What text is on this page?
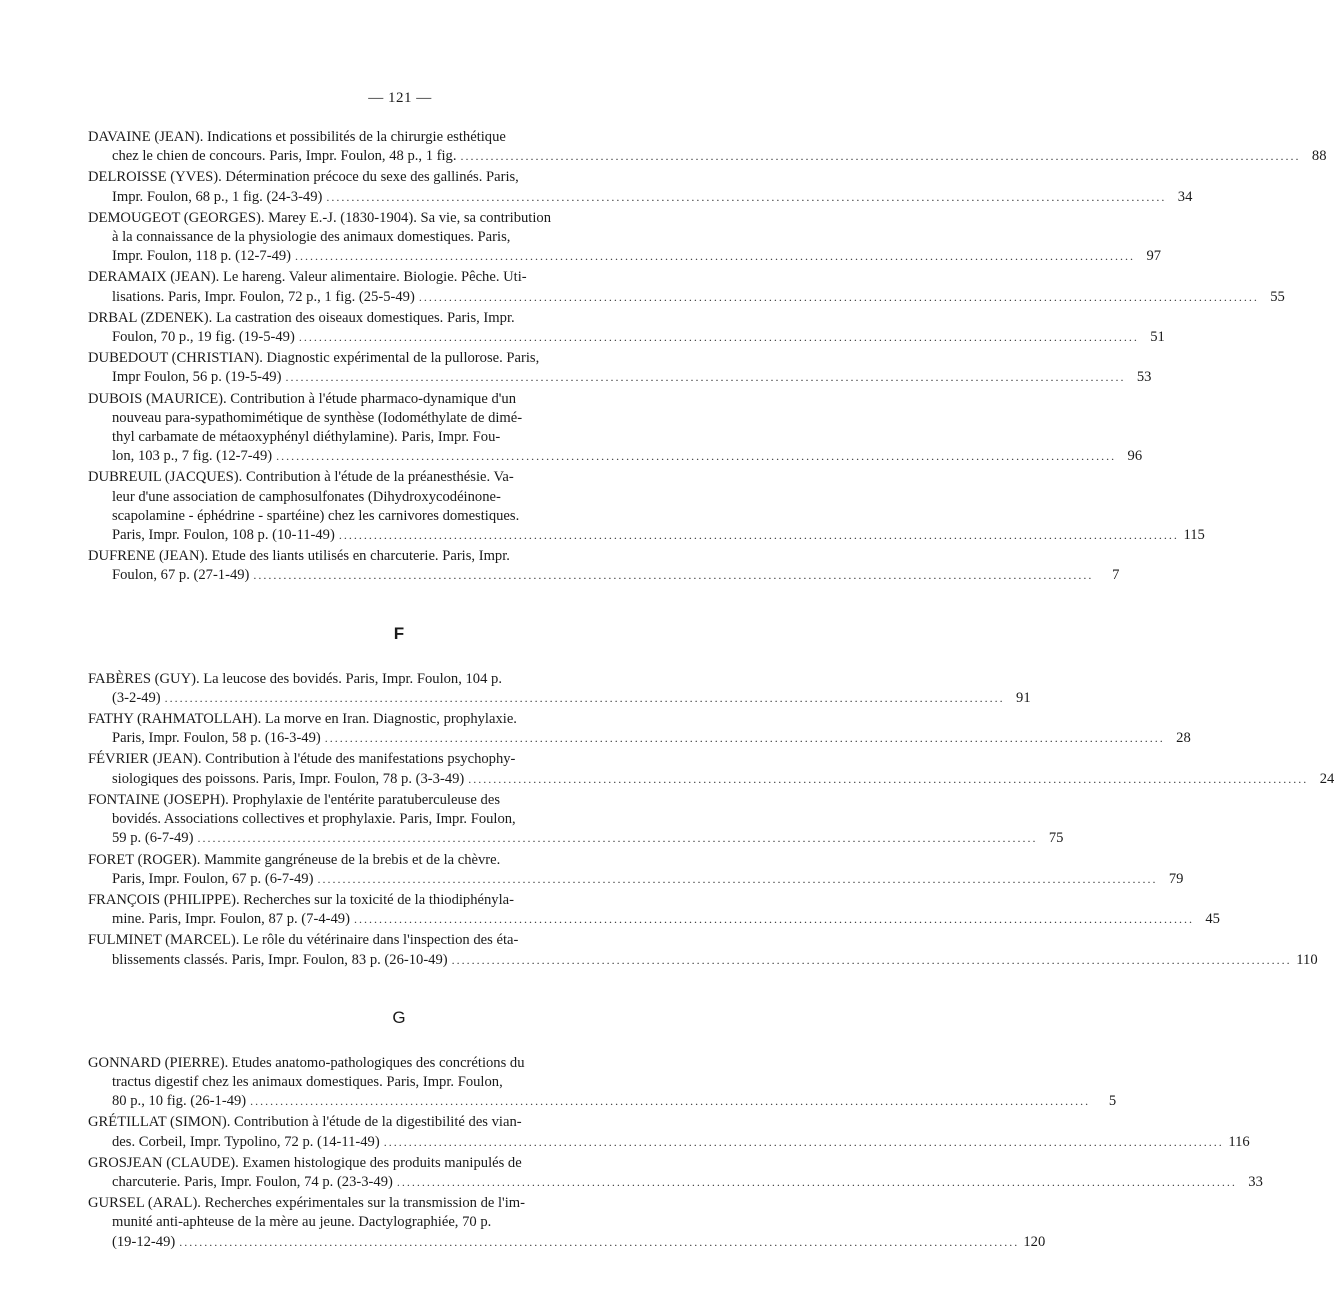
— 121 —
DAVAINE (JEAN). Indications et possibilités de la chirurgie esthétique
chez le chien de concours. Paris, Impr. Foulon, 48 p., 1 fig. .....	88
DELROISSE (YVES). Détermination précoce du sexe des gallinés. Paris,
Impr. Foulon, 68 p., 1 fig. (24-3-49) .....	34
DEMOUGEOT (GEORGES). Marey E.-J. (1830-1904). Sa vie, sa contribution
à la connaissance de la physiologie des animaux domestiques. Paris,
Impr. Foulon, 118 p. (12-7-49) .....	97
DERAMAIX (JEAN). Le hareng. Valeur alimentaire. Biologie. Pêche. Uti-
lisations. Paris, Impr. Foulon, 72 p., 1 fig. (25-5-49) .....	55
DRBAL (ZDENEK). La castration des oiseaux domestiques. Paris, Impr.
Foulon, 70 p., 19 fig. (19-5-49) .....	51
DUBEDOUT (CHRISTIAN). Diagnostic expérimental de la pullorose. Paris,
Impr Foulon, 56 p. (19-5-49) .....	53
DUBOIS (MAURICE). Contribution à l'étude pharmaco-dynamique d'un
nouveau para-sypathomimétique de synthèse (Iodométhylate de dimé-
thyl carbamate de métaoxyphényl diéthylamine). Paris, Impr. Fou-
lon, 103 p., 7 fig. (12-7-49) .....	96
DUBREUIL (JACQUES). Contribution à l'étude de la préanesthésie. Va-
leur d'une association de camphosulfonates (Dihydroxycodéinone-
scapolamine - éphédrine - spartéine) chez les carnivores domestiques.
Paris, Impr. Foulon, 108 p. (10-11-49) .....	115
DUFRENE (JEAN). Etude des liants utilisés en charcuterie. Paris, Impr.
Foulon, 67 p. (27-1-49) .....	7
F
FABÈRES (GUY). La leucose des bovidés. Paris, Impr. Foulon, 104 p.
(3-2-49) .....	91
FATHY (RAHMATOLLAH). La morve en Iran. Diagnostic, prophylaxie.
Paris, Impr. Foulon, 58 p. (16-3-49) .....	28
FÉVRIER (JEAN). Contribution à l'étude des manifestations psychophy-
siologiques des poissons. Paris, Impr. Foulon, 78 p. (3-3-49) .....	24
FONTAINE (JOSEPH). Prophylaxie de l'entérite paratuberculeuse des
bovidés. Associations collectives et prophylaxie. Paris, Impr. Foulon,
59 p. (6-7-49) .....	75
FORET (ROGER). Mammite gangréneuse de la brebis et de la chèvre.
Paris, Impr. Foulon, 67 p. (6-7-49) .....	79
FRANÇOIS (PHILIPPE). Recherches sur la toxicité de la thiodiphényla-
mine. Paris, Impr. Foulon, 87 p. (7-4-49) .....	45
FULMINET (MARCEL). Le rôle du vétérinaire dans l'inspection des éta-
blissements classés. Paris, Impr. Foulon, 83 p. (26-10-49) .....	110
G
GONNARD (PIERRE). Etudes anatomo-pathologiques des concrétions du
tractus digestif chez les animaux domestiques. Paris, Impr. Foulon,
80 p., 10 fig. (26-1-49) .....	5
GRÉTILLAT (SIMON). Contribution à l'étude de la digestibilité des vian-
des. Corbeil, Impr. Typolino, 72 p. (14-11-49) .....	116
GROSJEAN (CLAUDE). Examen histologique des produits manipulés de
charcuterie. Paris, Impr. Foulon, 74 p. (23-3-49) .....	33
GURSEL (ARAL). Recherches expérimentales sur la transmission de l'im-
munité anti-aphteuse de la mère au jeune. Dactylographiée, 70 p.
(19-12-49) .....	120
